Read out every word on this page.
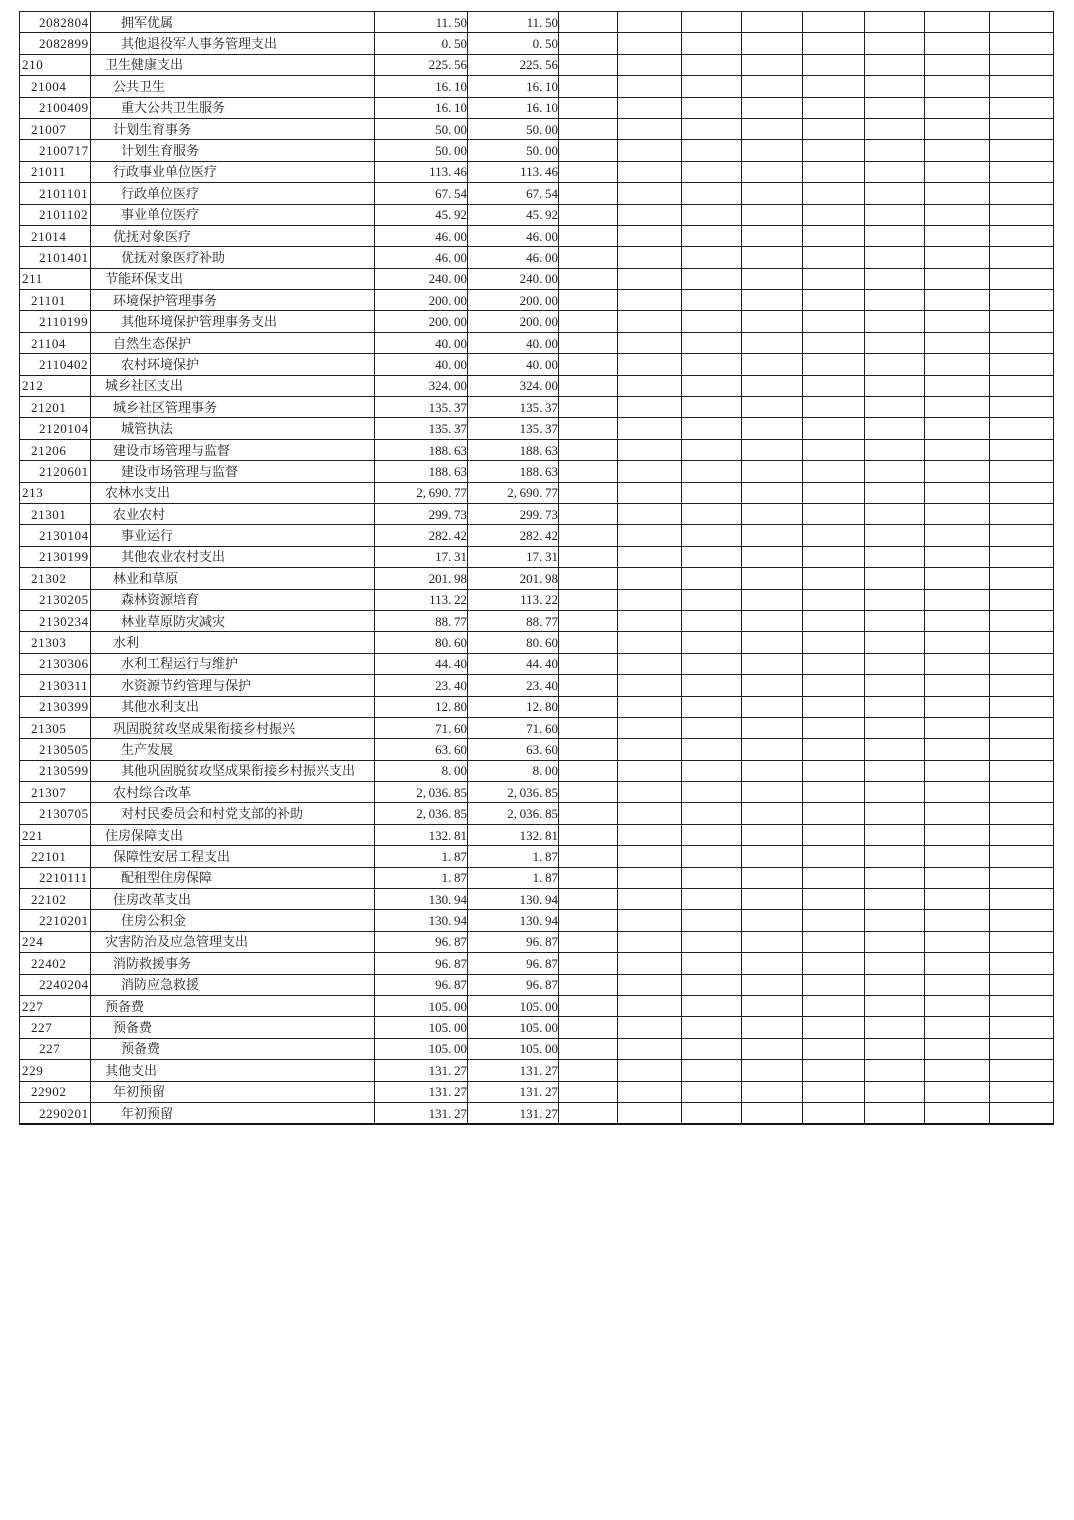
2082804	拥军优属	11. 50	11. 50								
2082899	其他退役军人事务管理支出	0. 50	0. 50								
210	卫生健康支出	225. 56	225. 56								
21004	公共卫生	16. 10	16. 10								
2100409	重大公共卫生服务	16. 10	16. 10								
21007	计划生育事务	50. 00	50. 00								
2100717	计划生育服务	50. 00	50. 00								
21011	行政事业单位医疗	113. 46	113. 46								
2101101	行政单位医疗	67. 54	67. 54								
2101102	事业单位医疗	45. 92	45. 92								
21014	优抚对象医疗	46. 00	46. 00								
2101401	优抚对象医疗补助	46. 00	46. 00								
211	节能环保支出	240. 00	240. 00								
21101	环境保护管理事务	200. 00	200. 00								
2110199	其他环境保护管理事务支出	200. 00	200. 00								
21104	自然生态保护	40. 00	40. 00								
2110402	农村环境保护	40. 00	40. 00								
212	城乡社区支出	324. 00	324. 00								
21201	城乡社区管理事务	135. 37	135. 37								
2120104	城管执法	135. 37	135. 37								
21206	建设市场管理与监督	188. 63	188. 63								
2120601	建设市场管理与监督	188. 63	188. 63								
213	农林水支出	2, 690. 77	2, 690. 77								
21301	农业农村	299. 73	299. 73								
2130104	事业运行	282. 42	282. 42								
2130199	其他农业农村支出	17. 31	17. 31								
21302	林业和草原	201. 98	201. 98								
2130205	森林资源培育	113. 22	113. 22								
2130234	林业草原防灾减灾	88. 77	88. 77								
21303	水利	80. 60	80. 60								
2130306	水利工程运行与维护	44. 40	44. 40								
2130311	水资源节约管理与保护	23. 40	23. 40								
2130399	其他水利支出	12. 80	12. 80								
21305	巩固脱贫攻坚成果衔接乡村振兴	71. 60	71. 60								
2130505	生产发展	63. 60	63. 60								
2130599	其他巩固脱贫攻坚成果衔接乡村振兴支出	8. 00	8. 00								
21307	农村综合改革	2, 036. 85	2, 036. 85								
2130705	对村民委员会和村党支部的补助	2, 036. 85	2, 036. 85								
221	住房保障支出	132. 81	132. 81								
22101	保障性安居工程支出	1. 87	1. 87								
2210111	配租型住房保障	1. 87	1. 87								
22102	住房改革支出	130. 94	130. 94								
2210201	住房公积金	130. 94	130. 94								
224	灾害防治及应急管理支出	96. 87	96. 87								
22402	消防救援事务	96. 87	96. 87								
2240204	消防应急救援	96. 87	96. 87								
227	预备费	105. 00	105. 00								
227	预备费	105. 00	105. 00								
227	预备费	105. 00	105. 00								
229	其他支出	131. 27	131. 27								
22902	年初预留	131. 27	131. 27								
2290201	年初预留	131. 27	131. 27								
